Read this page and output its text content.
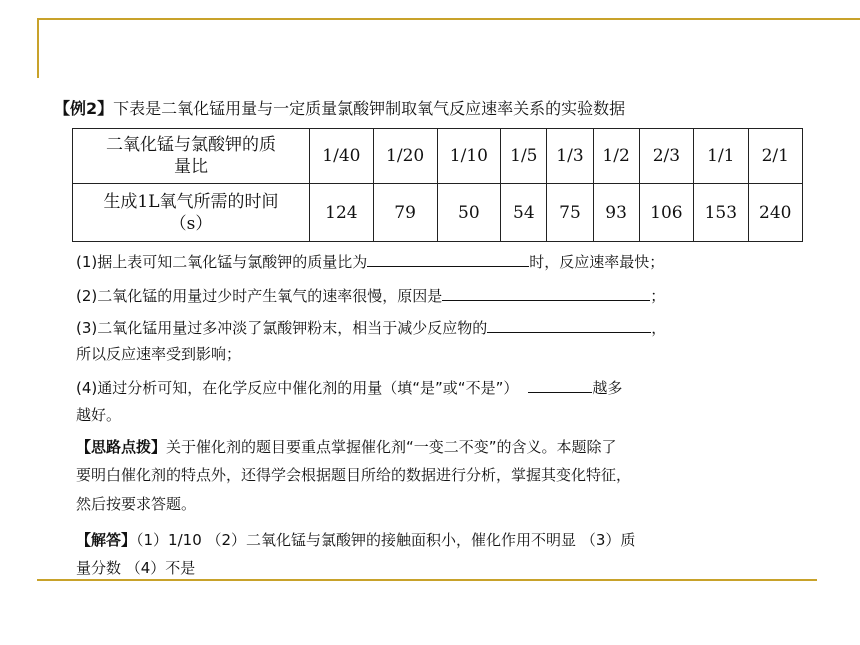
【例2】下表是二氧化锰用量与一定质量氯酸钾制取氧气反应速率关系的实验数据
二氧化锰与氯酸钾的质
量比	1/40	1/20	1/10	1/5	1/3	1/2	2/3	1/1	2/1
生成1L氧气所需的时间
（s）	124	79	50	54	75	93	106	153	240
(1)据上表可知二氧化锰与氯酸钾的质量比为	时，反应速率最快；
(2)二氧化锰的用量过少时产生氧气的速率很慢，原因是	；
(3)二氧化锰用量过多冲淡了氯酸钾粉末，相当于减少反应物的	，
所以反应速率受到影响；
(4)通过分析可知，在化学反应中催化剂的用量（填“是”或“不是”）	越多
越好。
【思路点拨】关于催化剂的题目要重点掌握催化剂“一变二不变”的含义。本题除了
要明白催化剂的特点外，还得学会根据题目所给的数据进行分析，掌握其变化特征，
然后按要求答题。
【解答】（1）1/10 （2）二氧化锰与氯酸钾的接触面积小，催化作用不明显 （3）质
量分数 （4）不是
